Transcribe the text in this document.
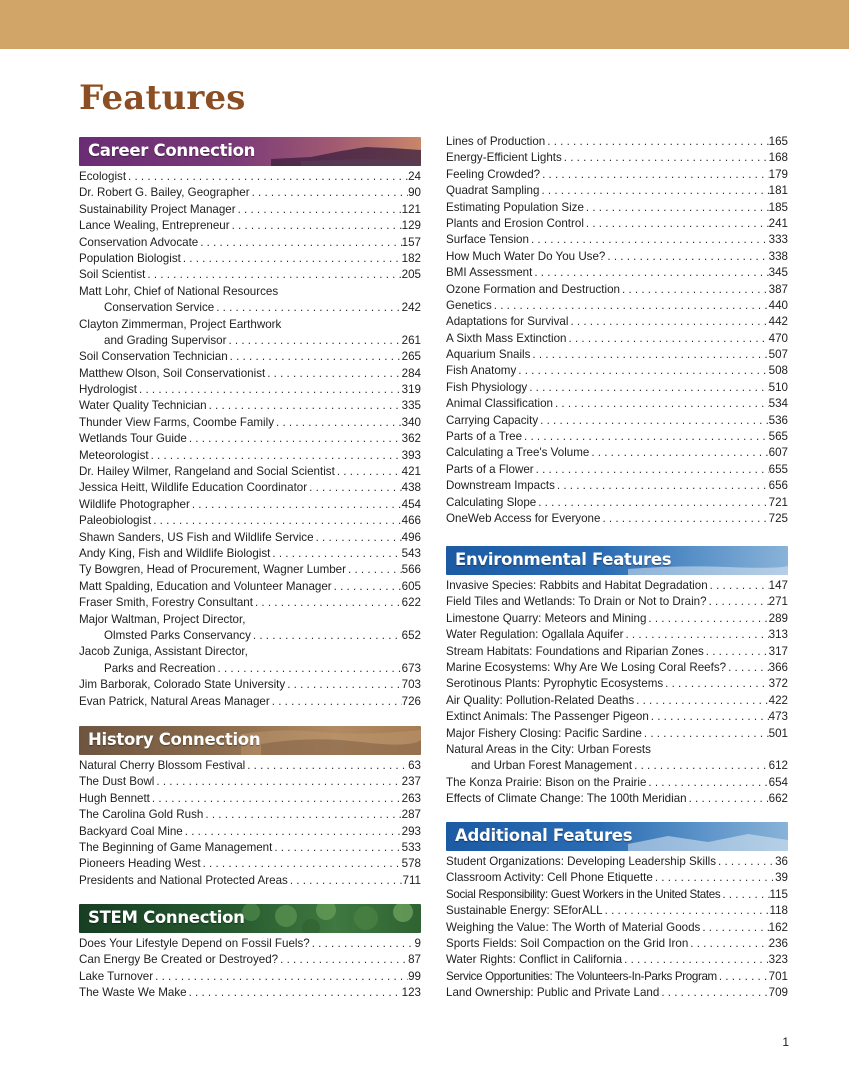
Features
Career Connection
Ecologist . . .	24
Dr. Robert G. Bailey, Geographer . . .	90
Sustainability Project Manager . . .	121
Lance Wealing, Entrepreneur . . .	129
Conservation Advocate . . .	157
Population Biologist . . .	182
Soil Scientist . . .	205
Matt Lohr, Chief of National Resources
Conservation Service . . .	242
Clayton Zimmerman, Project Earthwork
and Grading Supervisor . . .	261
Soil Conservation Technician . . .	265
Matthew Olson, Soil Conservationist . . .	284
Hydrologist . . .	319
Water Quality Technician . . .	335
Thunder View Farms, Coombe Family . . .	340
Wetlands Tour Guide . . .	362
Meteorologist . . .	393
Dr. Hailey Wilmer, Rangeland and Social Scientist . . .	421
Jessica Heitt, Wildlife Education Coordinator . . .	438
Wildlife Photographer . . .	454
Paleobiologist . . .	466
Shawn Sanders, US Fish and Wildlife Service . . .	496
Andy King, Fish and Wildlife Biologist . . .	543
Ty Bowgren, Head of Procurement, Wagner Lumber . . .	566
Matt Spalding, Education and Volunteer Manager . . .	605
Fraser Smith, Forestry Consultant . . .	622
Major Waltman, Project Director,
Olmsted Parks Conservancy . . .	652
Jacob Zuniga, Assistant Director,
Parks and Recreation . . .	673
Jim Barborak, Colorado State University . . .	703
Evan Patrick, Natural Areas Manager . . .	726
History Connection
Natural Cherry Blossom Festival . . .	63
The Dust Bowl . . .	237
Hugh Bennett . . .	263
The Carolina Gold Rush . . .	287
Backyard Coal Mine . . .	293
The Beginning of Game Management . . .	533
Pioneers Heading West . . .	578
Presidents and National Protected Areas . . .	711
STEM Connection
Does Your Lifestyle Depend on Fossil Fuels? . . .	9
Can Energy Be Created or Destroyed? . . .	87
Lake Turnover . . .	99
The Waste We Make . . .	123
Lines of Production . . .	165
Energy-Efficient Lights . . .	168
Feeling Crowded? . . .	179
Quadrat Sampling . . .	181
Estimating Population Size . . .	185
Plants and Erosion Control . . .	241
Surface Tension . . .	333
How Much Water Do You Use? . . .	338
BMI Assessment . . .	345
Ozone Formation and Destruction . . .	387
Genetics . . .	440
Adaptations for Survival . . .	442
A Sixth Mass Extinction . . .	470
Aquarium Snails . . .	507
Fish Anatomy . . .	508
Fish Physiology . . .	510
Animal Classification . . .	534
Carrying Capacity . . .	536
Parts of a Tree . . .	565
Calculating a Tree's Volume . . .	607
Parts of a Flower . . .	655
Downstream Impacts . . .	656
Calculating Slope . . .	721
OneWeb Access for Everyone . . .	725
Environmental Features
Invasive Species: Rabbits and Habitat Degradation . . .	147
Field Tiles and Wetlands: To Drain or Not to Drain? . . .	271
Limestone Quarry: Meteors and Mining . . .	289
Water Regulation: Ogallala Aquifer . . .	313
Stream Habitats: Foundations and Riparian Zones . . .	317
Marine Ecosystems: Why Are We Losing Coral Reefs? . . .	366
Serotinous Plants: Pyrophytic Ecosystems . . .	372
Air Quality: Pollution-Related Deaths . . .	422
Extinct Animals: The Passenger Pigeon . . .	473
Major Fishery Closing: Pacific Sardine . . .	501
Natural Areas in the City: Urban Forests
and Urban Forest Management . . .	612
The Konza Prairie: Bison on the Prairie . . .	654
Effects of Climate Change: The 100th Meridian . . .	662
Additional Features
Student Organizations: Developing Leadership Skills . . .	36
Classroom Activity: Cell Phone Etiquette . . .	39
Social Responsibility: Guest Workers in the United States . . .	115
Sustainable Energy: SEforALL . . .	118
Weighing the Value: The Worth of Material Goods . . .	162
Sports Fields: Soil Compaction on the Grid Iron . . .	236
Water Rights: Conflict in California . . .	323
Service Opportunities: The Volunteers-In-Parks Program . . .	701
Land Ownership: Public and Private Land . . .	709
1
